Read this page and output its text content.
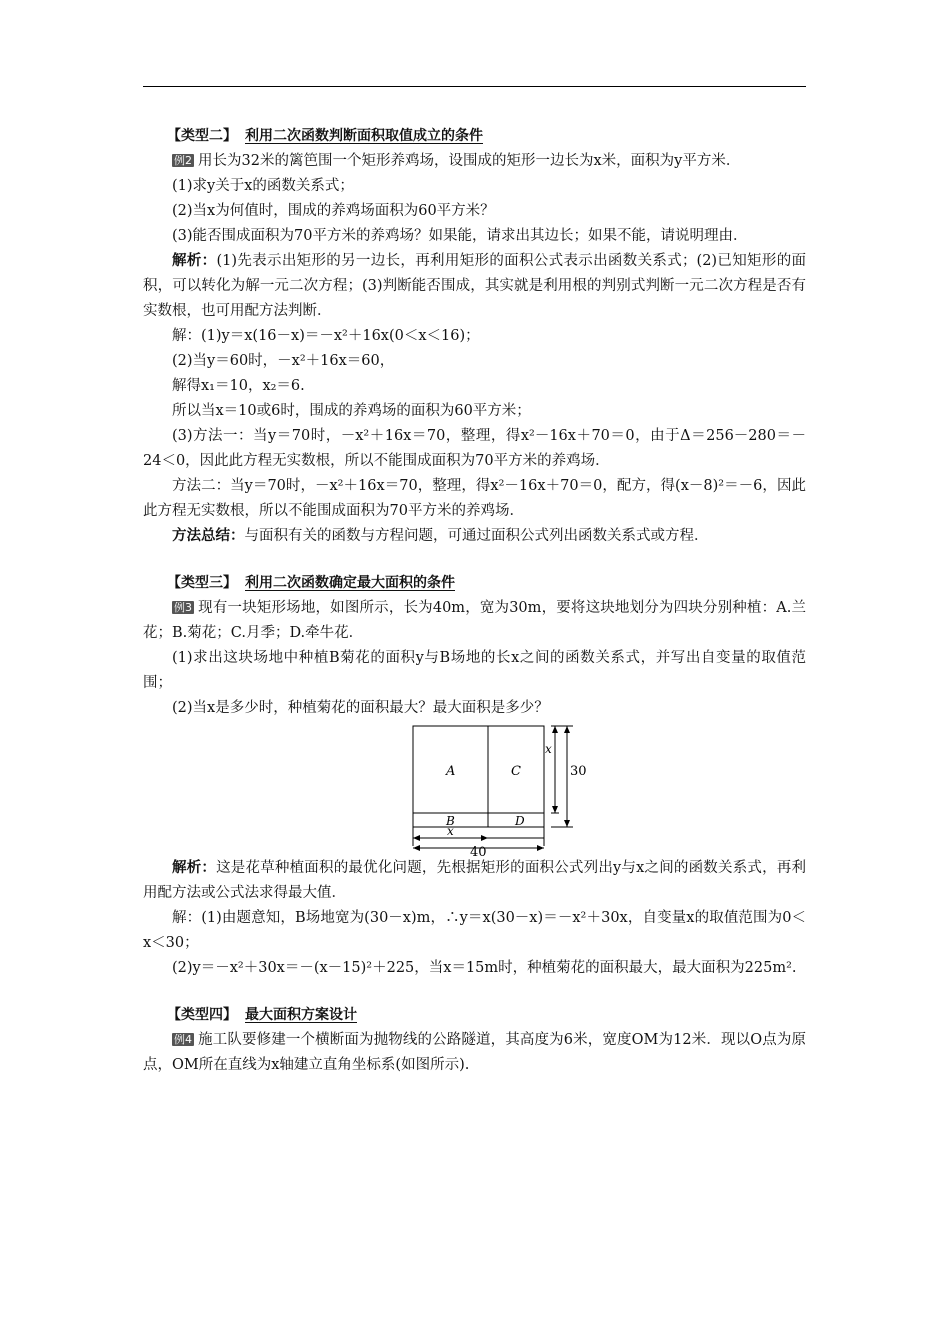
【类型二】 利用二次函数判断面积取值成立的条件

例2 用长为32米的篱笆围一个矩形养鸡场，设围成的矩形一边长为x米，面积为y平方米．

(1)求y关于x的函数关系式；

(2)当x为何值时，围成的养鸡场面积为60平方米？

(3)能否围成面积为70平方米的养鸡场？如果能，请求出其边长；如果不能，请说明理由．

解析：(1)先表示出矩形的另一边长，再利用矩形的面积公式表示出函数关系式；(2)已知矩形的面积，可以转化为解一元二次方程；(3)判断能否围成，其实就是利用根的判别式判断一元二次方程是否有实数根，也可用配方法判断．

解：(1)y＝x(16－x)＝－x²＋16x(0＜x＜16)；

(2)当y＝60时，－x²＋16x＝60，

解得x₁＝10，x₂＝6.

所以当x＝10或6时，围成的养鸡场的面积为60平方米；

(3)方法一：当y＝70时，－x²＋16x＝70，整理，得x²－16x＋70＝0，由于Δ＝256－280＝－24＜0，因此此方程无实数根，所以不能围成面积为70平方米的养鸡场．

方法二：当y＝70时，－x²＋16x＝70，整理，得x²－16x＋70＝0，配方，得(x－8)²＝－6，因此此方程无实数根，所以不能围成面积为70平方米的养鸡场．

方法总结：与面积有关的函数与方程问题，可通过面积公式列出函数关系式或方程．

【类型三】 利用二次函数确定最大面积的条件

例3 现有一块矩形场地，如图所示，长为40m，宽为30m，要将这块地划分为四块分别种植：A.兰花；B.菊花；C.月季；D.牵牛花．

(1)求出这块场地中种植B菊花的面积y与B场地的长x之间的函数关系式，并写出自变量的取值范围；

(2)当x是多少时，种植菊花的面积最大？最大面积是多少？

A	C
B	D
x
40
x
30

解析：这是花草种植面积的最优化问题，先根据矩形的面积公式列出y与x之间的函数关系式，再利用配方法或公式法求得最大值．

解：(1)由题意知，B场地宽为(30－x)m，∴y＝x(30－x)＝－x²＋30x，自变量x的取值范围为0＜x＜30；

(2)y＝－x²＋30x＝－(x－15)²＋225，当x＝15m时，种植菊花的面积最大，最大面积为225m².

【类型四】 最大面积方案设计

例4 施工队要修建一个横断面为抛物线的公路隧道，其高度为6米，宽度OM为12米．现以O点为原点，OM所在直线为x轴建立直角坐标系(如图所示).
